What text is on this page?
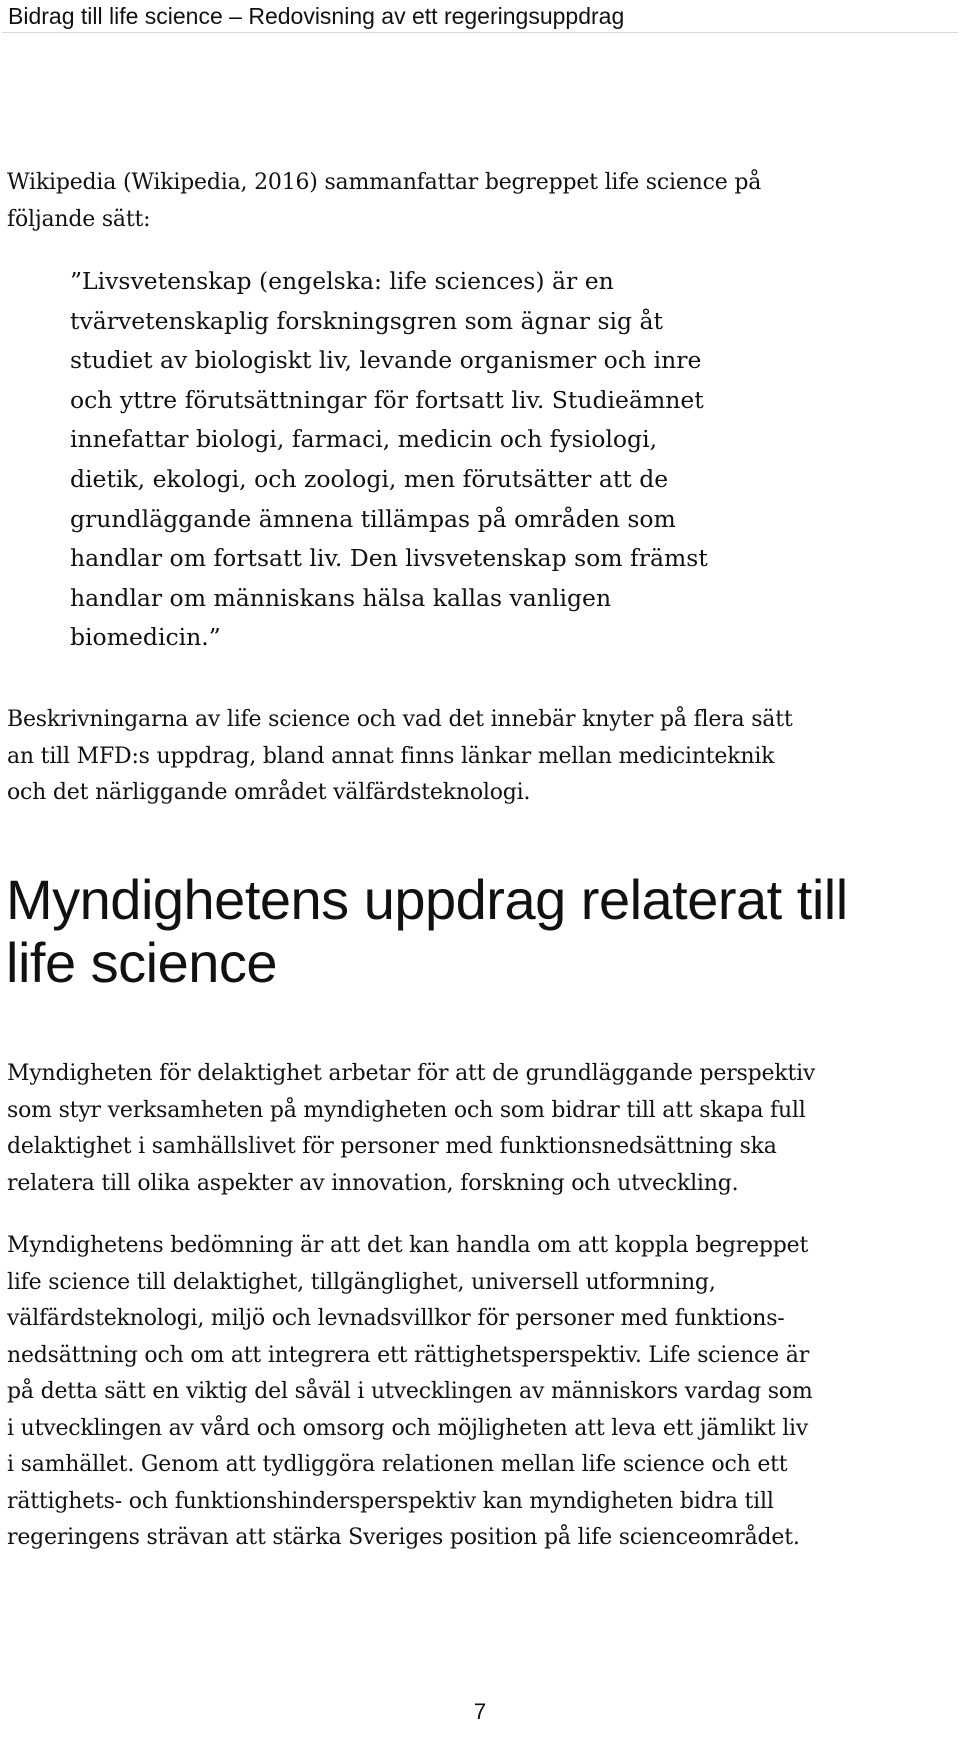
Bidrag till life science – Redovisning av ett regeringsuppdrag

Wikipedia (Wikipedia, 2016) sammanfattar begreppet life science på
följande sätt:

”Livsvetenskap (engelska: life sciences) är en
tvärvetenskaplig forskningsgren som ägnar sig åt
studiet av biologiskt liv, levande organismer och inre
och yttre förutsättningar för fortsatt liv. Studieämnet
innefattar biologi, farmaci, medicin och fysiologi,
dietik, ekologi, och zoologi, men förutsätter att de
grundläggande ämnena tillämpas på områden som
handlar om fortsatt liv. Den livsvetenskap som främst
handlar om människans hälsa kallas vanligen
biomedicin.”

Beskrivningarna av life science och vad det innebär knyter på flera sätt
an till MFD:s uppdrag, bland annat finns länkar mellan medicinteknik
och det närliggande området välfärdsteknologi.

Myndighetens uppdrag relaterat till
life science

Myndigheten för delaktighet arbetar för att de grundläggande perspektiv
som styr verksamheten på myndigheten och som bidrar till att skapa full
delaktighet i samhällslivet för personer med funktionsnedsättning ska
relatera till olika aspekter av innovation, forskning och utveckling.

Myndighetens bedömning är att det kan handla om att koppla begreppet
life science till delaktighet, tillgänglighet, universell utformning,
välfärdsteknologi, miljö och levnadsvillkor för personer med funktions-
nedsättning och om att integrera ett rättighetsperspektiv. Life science är
på detta sätt en viktig del såväl i utvecklingen av människors vardag som
i utvecklingen av vård och omsorg och möjligheten att leva ett jämlikt liv
i samhället. Genom att tydliggöra relationen mellan life science och ett
rättighets- och funktionshindersperspektiv kan myndigheten bidra till
regeringens strävan att stärka Sveriges position på life scienceområdet.

7
